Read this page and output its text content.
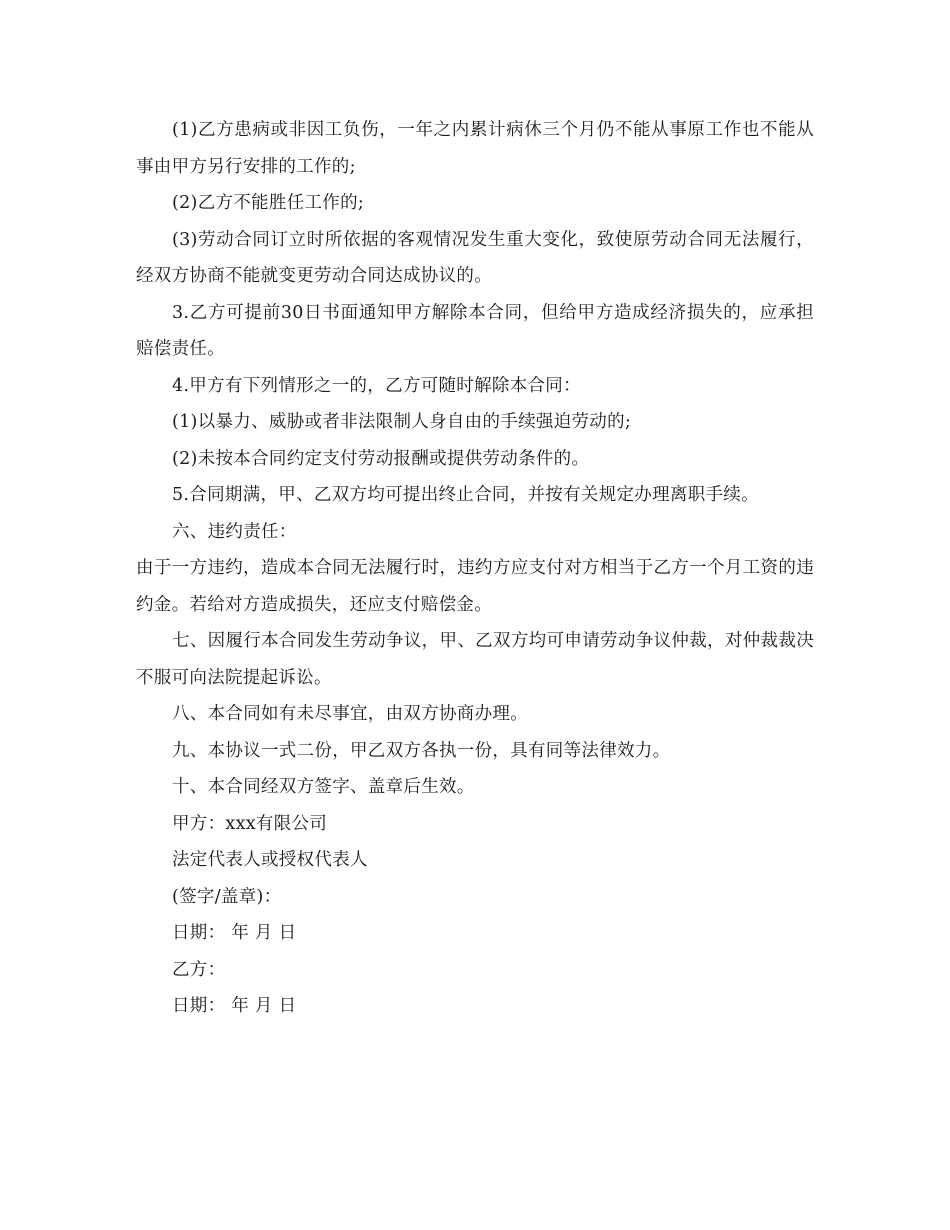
(1)乙方患病或非因工负伤，一年之内累计病休三个月仍不能从事原工作也不能从事由甲方另行安排的工作的;

(2)乙方不能胜任工作的;

(3)劳动合同订立时所依据的客观情况发生重大变化，致使原劳动合同无法履行，经双方协商不能就变更劳动合同达成协议的。

3.乙方可提前30日书面通知甲方解除本合同，但给甲方造成经济损失的，应承担赔偿责任。

4.甲方有下列情形之一的，乙方可随时解除本合同：

(1)以暴力、威胁或者非法限制人身自由的手续强迫劳动的;

(2)未按本合同约定支付劳动报酬或提供劳动条件的。

5.合同期满，甲、乙双方均可提出终止合同，并按有关规定办理离职手续。

六、违约责任：

由于一方违约，造成本合同无法履行时，违约方应支付对方相当于乙方一个月工资的违约金。若给对方造成损失，还应支付赔偿金。

七、因履行本合同发生劳动争议，甲、乙双方均可申请劳动争议仲裁，对仲裁裁决不服可向法院提起诉讼。

八、本合同如有未尽事宜，由双方协商办理。

九、本协议一式二份，甲乙双方各执一份，具有同等法律效力。

十、本合同经双方签字、盖章后生效。

甲方：xxx有限公司

法定代表人或授权代表人

(签字/盖章)：

日期： 年 月 日

乙方：

日期： 年 月 日
